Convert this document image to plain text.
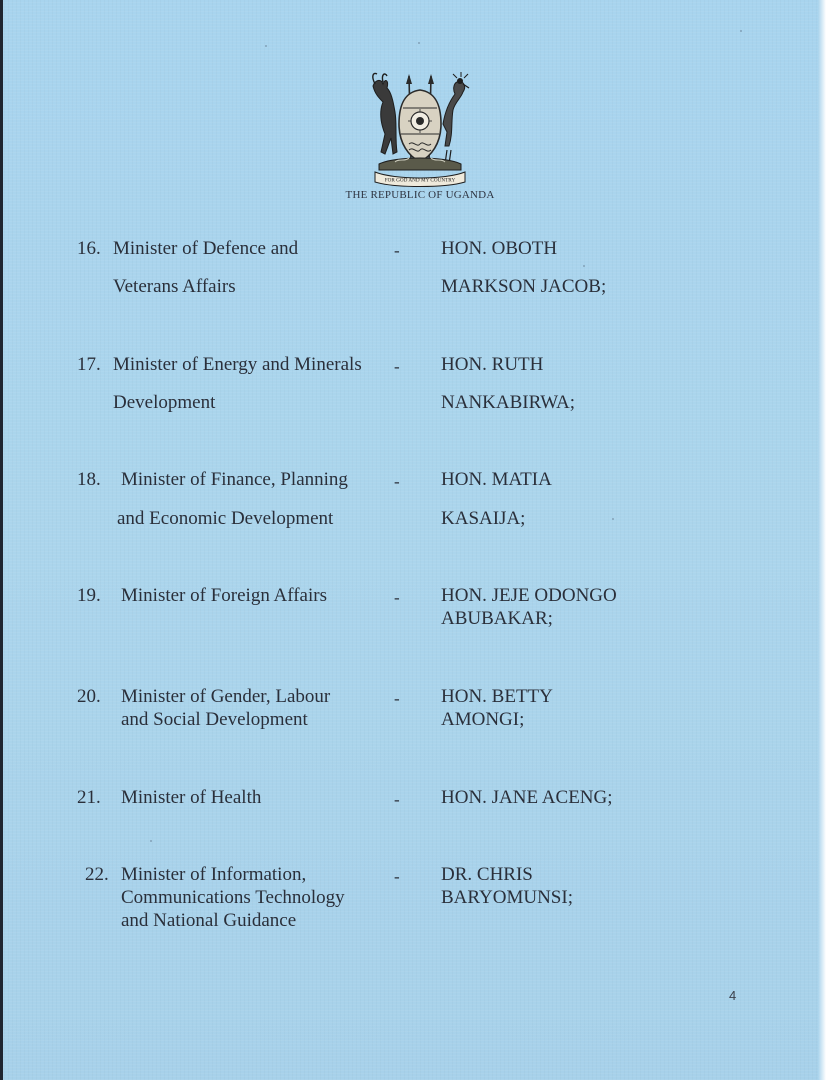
FOR GOD AND MY COUNTRY
THE REPUBLIC OF UGANDA
16. Minister of Defence and
Veterans Affairs
- HON. OBOTH
MARKSON JACOB;
17. Minister of Energy and Minerals
Development
- HON. RUTH
NANKABIRWA;
18. Minister of Finance, Planning
and Economic Development
- HON. MATIA
KASAIJA;
19. Minister of Foreign Affairs	- HON. JEJE ODONGO
ABUBAKAR;
20. Minister of Gender, Labour
and Social Development
- HON. BETTY
AMONGI;
21. Minister of Health	- HON. JANE ACENG;
22. Minister of Information,
Communications Technology
and National Guidance
- DR. CHRIS
BARYOMUNSI;
4
